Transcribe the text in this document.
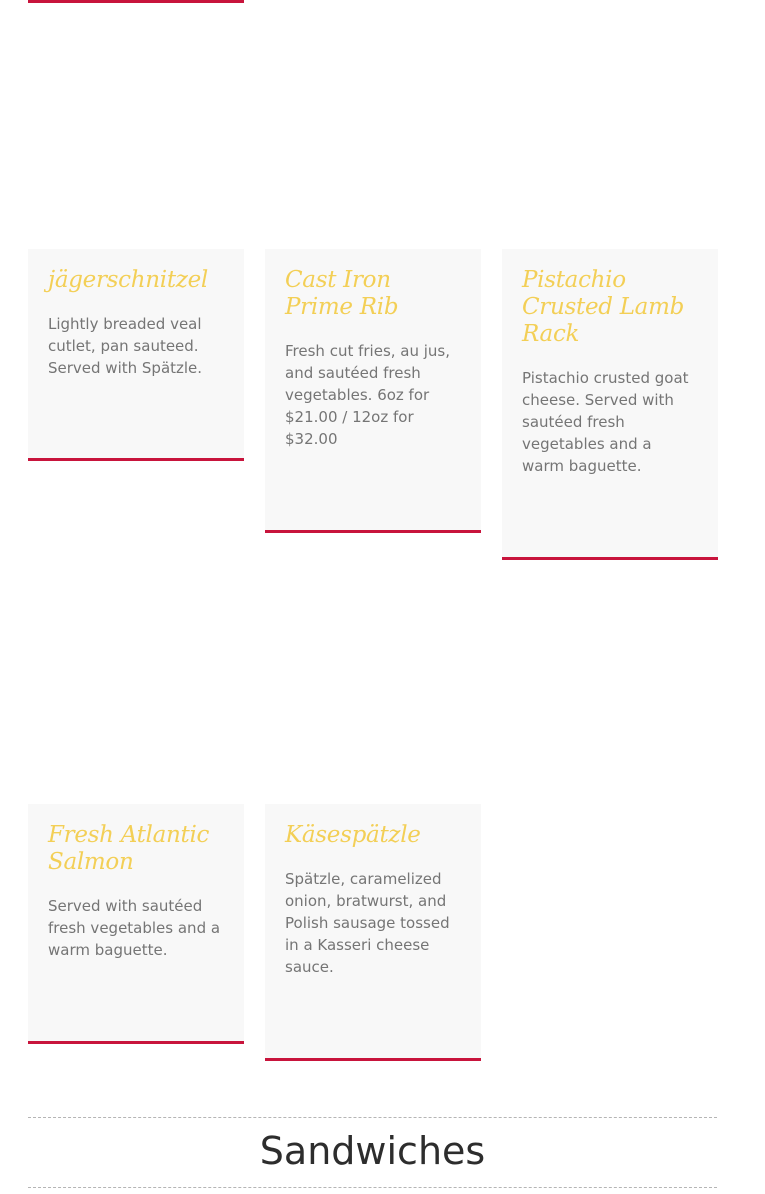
jägerschnitzel

Lightly breaded veal cutlet, pan sauteed. Served with Spätzle.

Cast Iron Prime Rib

Fresh cut fries, au jus, and sautéed fresh vegetables. 6oz for $21.00 / 12oz for $32.00

Pistachio Crusted Lamb Rack

Pistachio crusted goat cheese. Served with sautéed fresh vegetables and a warm baguette.

Fresh Atlantic Salmon

Served with sautéed fresh vegetables and a warm baguette.

Käsespätzle

Spätzle, caramelized onion, bratwurst, and Polish sausage tossed in a Kasseri cheese sauce.

Sandwiches
